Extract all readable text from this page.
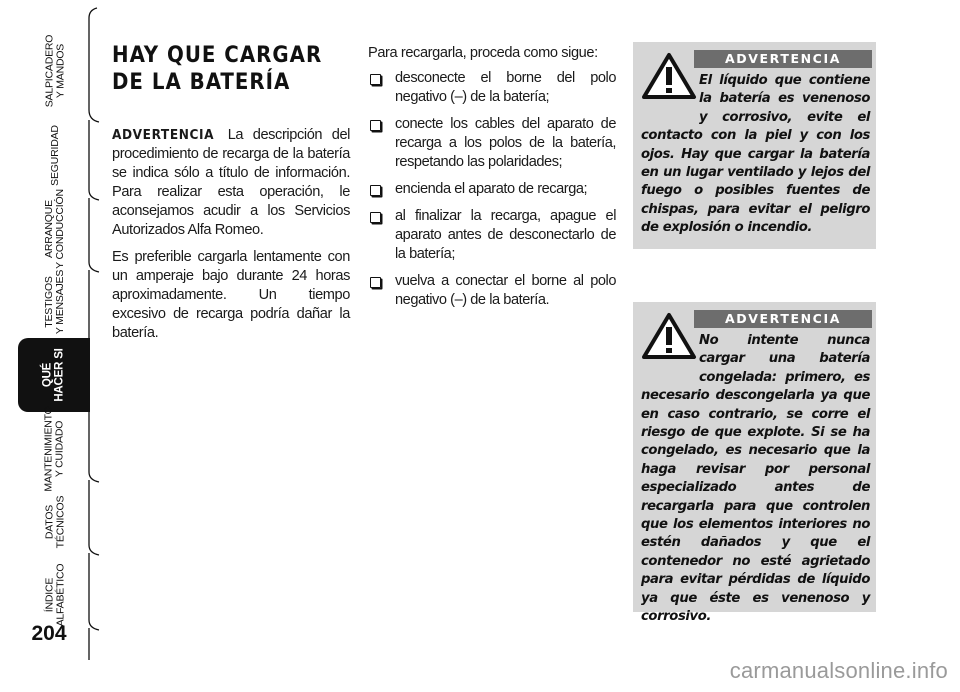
SALPICADERO
Y MANDOS
SEGURIDAD
ARRANQUE
Y CONDUCCIÓN
TESTIGOS
Y MENSAJES
QUÉ
HACER SI
MANTENIMIENTO
Y CUIDADO
DATOS
TÉCNICOS
ÍNDICE
ALFABÉTICO
204
HAY QUE CARGAR
DE LA BATERÍA

ADVERTENCIA La descripción del procedimiento de recarga de la batería se indica sólo a título de información. Para realizar esta operación, le aconsejamos acudir a los Servicios Autorizados Alfa Romeo.

Es preferible cargarla lentamente con un amperaje bajo durante 24 horas aproximadamente. Un tiempo excesivo de recarga podría dañar la batería.

Para recargarla, proceda como sigue:

desconecte el borne del polo negativo (–) de la batería;
conecte los cables del aparato de recarga a los polos de la batería, respetando las polaridades;
encienda el aparato de recarga;
al finalizar la recarga, apague el aparato antes de desconectarlo de la batería;
vuelva a conectar el borne al polo negativo (–) de la batería.
ADVERTENCIA
El líquido que contiene la batería es venenoso y corrosivo, evite el contacto con la piel y con los ojos. Hay que cargar la batería en un lugar ventilado y lejos del fuego o posibles fuentes de chispas, para evitar el peligro de explosión o incendio.
ADVERTENCIA
No intente nunca cargar una batería congelada: primero, es necesario descongelarla ya que en caso contrario, se corre el riesgo de que explote. Si se ha congelado, es necesario que la haga revisar por personal especializado antes de recargarla para que controlen que los elementos interiores no estén dañados y que el contenedor no esté agrietado para evitar pérdidas de líquido ya que éste es venenoso y corrosivo.
carmanualsonline.info
